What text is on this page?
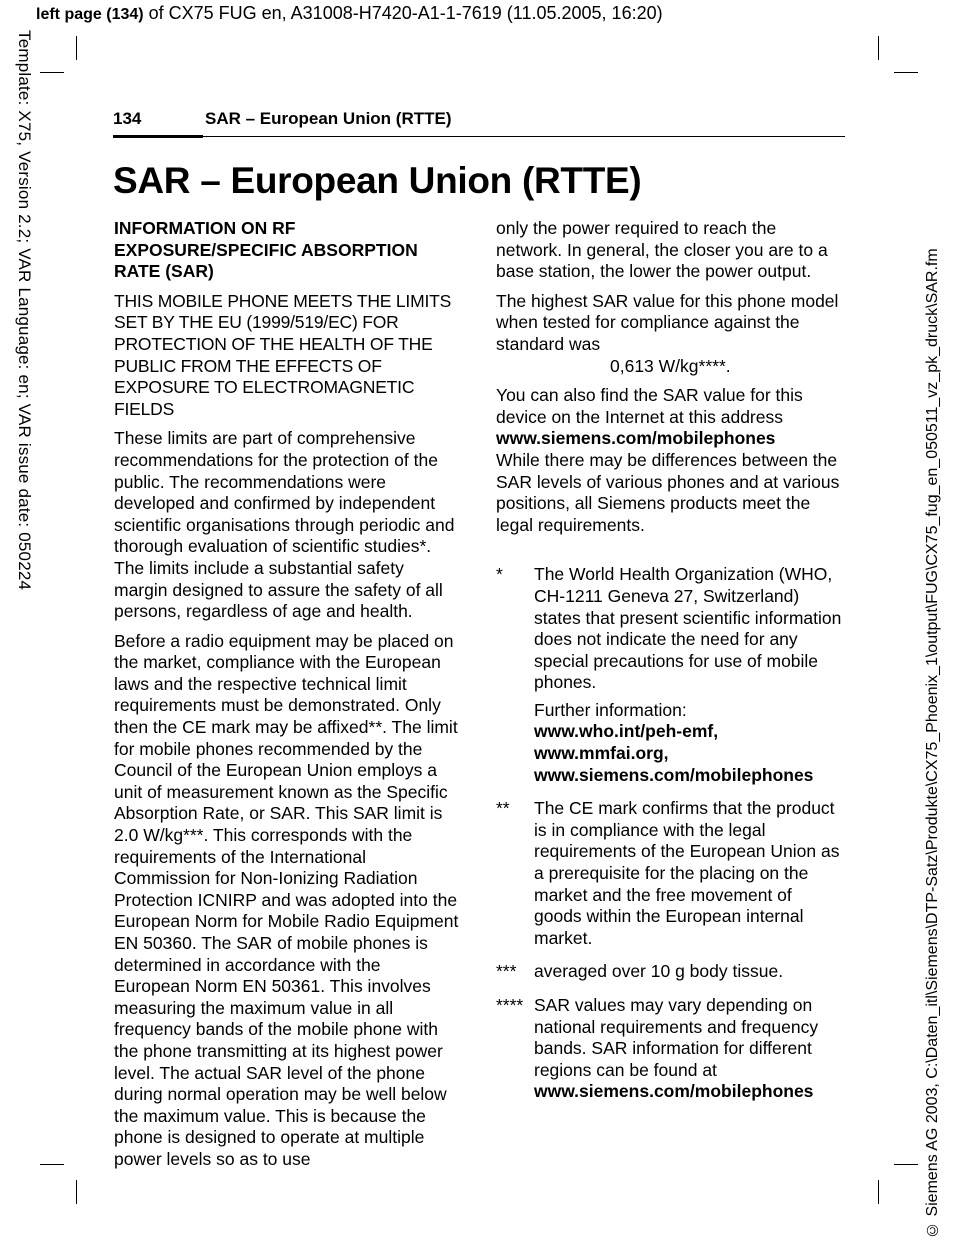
left page (134) of CX75 FUG en, A31008-H7420-A1-1-7619 (11.05.2005, 16:20)
Template: X75, Version 2.2; VAR Language: en; VAR issue date: 050224	© Siemens AG 2003, C:\Daten_itl\Siemens\DTP-Satz\Produkte\CX75_Phoenix_1\output\FUG\CX75_fug_en_050511_vz_pk_druck\SAR.fm
134	SAR – European Union (RTTE)
SAR – European Union (RTTE)

INFORMATION ON RF EXPOSURE/SPECIFIC ABSORPTION RATE (SAR)

THIS MOBILE PHONE MEETS THE LIMITS SET BY THE EU (1999/519/EC) FOR PROTECTION OF THE HEALTH OF THE PUBLIC FROM THE EFFECTS OF EXPOSURE TO ELECTROMAGNETIC FIELDS

These limits are part of comprehensive recommendations for the protection of the public. The recommendations were developed and confirmed by independent scientific organisations through periodic and thorough evaluation of scientific studies*. The limits include a substantial safety margin designed to assure the safety of all persons, regardless of age and health.

Before a radio equipment may be placed on the market, compliance with the European laws and the respective technical limit requirements must be demonstrated. Only then the CE mark may be affixed**. The limit for mobile phones recommended by the Council of the European Union employs a unit of measurement known as the Specific Absorption Rate, or SAR. This SAR limit is 2.0 W/kg***. This corresponds with the requirements of the International Commission for Non-Ionizing Radiation Protection ICNIRP and was adopted into the European Norm for Mobile Radio Equipment EN 50360. The SAR of mobile phones is determined in accordance with the European Norm EN 50361. This involves measuring the maximum value in all frequency bands of the mobile phone with the phone transmitting at its highest power level. The actual SAR level of the phone during normal operation may be well below the maximum value. This is because the phone is designed to operate at multiple power levels so as to use

only the power required to reach the network. In general, the closer you are to a base station, the lower the power output.

The highest SAR value for this phone model when tested for compliance against the standard was
0,613 W/kg****.

You can also find the SAR value for this device on the Internet at this address
www.siemens.com/mobilephones
While there may be differences between the SAR levels of various phones and at various positions, all Siemens products meet the legal requirements.

*	The World Health Organization (WHO, CH-1211 Geneva 27, Switzerland) states that present scientific information does not indicate the need for any special precautions for use of mobile phones.

Further information:
www.who.int/peh-emf,
www.mmfai.org,
www.siemens.com/mobilephones

**	The CE mark confirms that the product is in compliance with the legal requirements of the European Union as a prerequisite for the placing on the market and the free movement of goods within the European internal market.

***	averaged over 10 g body tissue.

**** SAR values may vary depending on national requirements and frequency bands. SAR information for different regions can be found at
www.siemens.com/mobilephones
